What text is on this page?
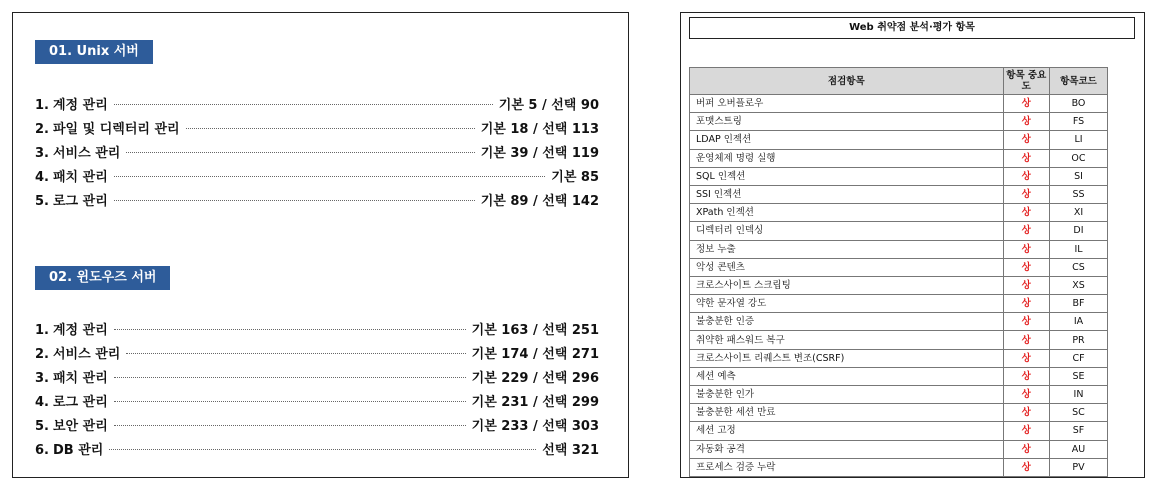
01. Unix 서버
1. 계정 관리	기본 5 / 선택 90
2. 파일 및 디렉터리 관리	기본 18 / 선택 113
3. 서비스 관리	기본 39 / 선택 119
4. 패치 관리	기본 85
5. 로그 관리	기본 89 / 선택 142
02. 윈도우즈 서버
1. 계정 관리	기본 163 / 선택 251
2. 서비스 관리	기본 174 / 선택 271
3. 패치 관리	기본 229 / 선택 296
4. 로그 관리	기본 231 / 선택 299
5. 보안 관리	기본 233 / 선택 303
6. DB 관리	선택 321
Web 취약점 분석·평가 항목
점검항목	항목 중요도	항목코드
버퍼 오버플로우	상	BO
포맷스트링	상	FS
LDAP 인젝션	상	LI
운영체제 명령 실행	상	OC
SQL 인젝션	상	SI
SSI 인젝션	상	SS
XPath 인젝션	상	XI
디렉터리 인덱싱	상	DI
정보 누출	상	IL
악성 콘텐츠	상	CS
크로스사이트 스크립팅	상	XS
약한 문자열 강도	상	BF
불충분한 인증	상	IA
취약한 패스워드 복구	상	PR
크로스사이트 리퀘스트 변조(CSRF)	상	CF
세션 예측	상	SE
불충분한 인가	상	IN
불충분한 세션 만료	상	SC
세션 고정	상	SF
자동화 공격	상	AU
프로세스 검증 누락	상	PV
